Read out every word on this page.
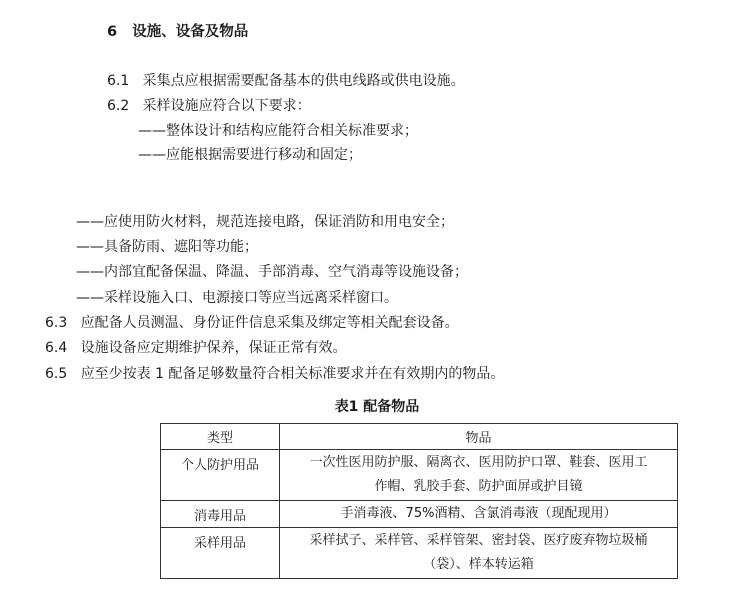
6 设施、设备及物品
6.1 采集点应根据需要配备基本的供电线路或供电设施。
6.2 采样设施应符合以下要求：
——整体设计和结构应能符合相关标准要求；
——应能根据需要进行移动和固定；
——应使用防火材料，规范连接电路，保证消防和用电安全；
——具备防雨、遮阳等功能；
——内部宜配备保温、降温、手部消毒、空气消毒等设施设备；
——采样设施入口、电源接口等应当远离采样窗口。
6.3 应配备人员测温、身份证件信息采集及绑定等相关配套设备。
6.4 设施设备应定期维护保养，保证正常有效。
6.5 应至少按表 1 配备足够数量符合相关标准要求并在有效期内的物品。
表1 配备物品
类型	物品
个人防护用品	一次性医用防护服、隔离衣、医用防护口罩、鞋套、医用工
作帽、乳胶手套、防护面屏或护目镜

消毒用品	手消毒液、75%酒精、含氯消毒液（现配现用）

采样用品	采样拭子、采样管、采样管架、密封袋、医疗废弃物垃圾桶
（袋）、样本转运箱
